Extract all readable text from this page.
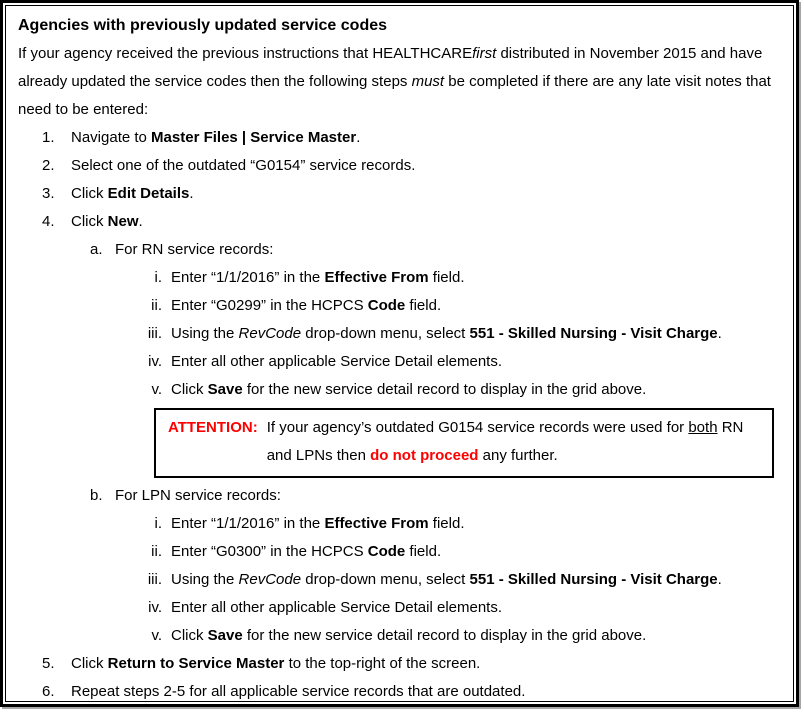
Agencies with previously updated service codes

If your agency received the previous instructions that HEALTHCAREfirst distributed in November 2015 and have already updated the service codes then the following steps must be completed if there are any late visit notes that need to be entered:

1.	Navigate to Master Files | Service Master.
2.	Select one of the outdated “G0154” service records.
3.	Click Edit Details.
4.	Click New.
a. For RN service records:
i. Enter “1/1/2016” in the Effective From field.
ii. Enter “G0299” in the HCPCS Code field.
iii. Using the RevCode drop-down menu, select 551 - Skilled Nursing - Visit Charge.
iv. Enter all other applicable Service Detail elements.
v. Click Save for the new service detail record to display in the grid above.
ATTENTION: If your agency’s outdated G0154 service records were used for both RN and LPNs then do not proceed any further.
b. For LPN service records:
i. Enter “1/1/2016” in the Effective From field.
ii. Enter “G0300” in the HCPCS Code field.
iii. Using the RevCode drop-down menu, select 551 - Skilled Nursing - Visit Charge.
iv. Enter all other applicable Service Detail elements.
v. Click Save for the new service detail record to display in the grid above.
5.	Click Return to Service Master to the top-right of the screen.
6.	Repeat steps 2-5 for all applicable service records that are outdated.
